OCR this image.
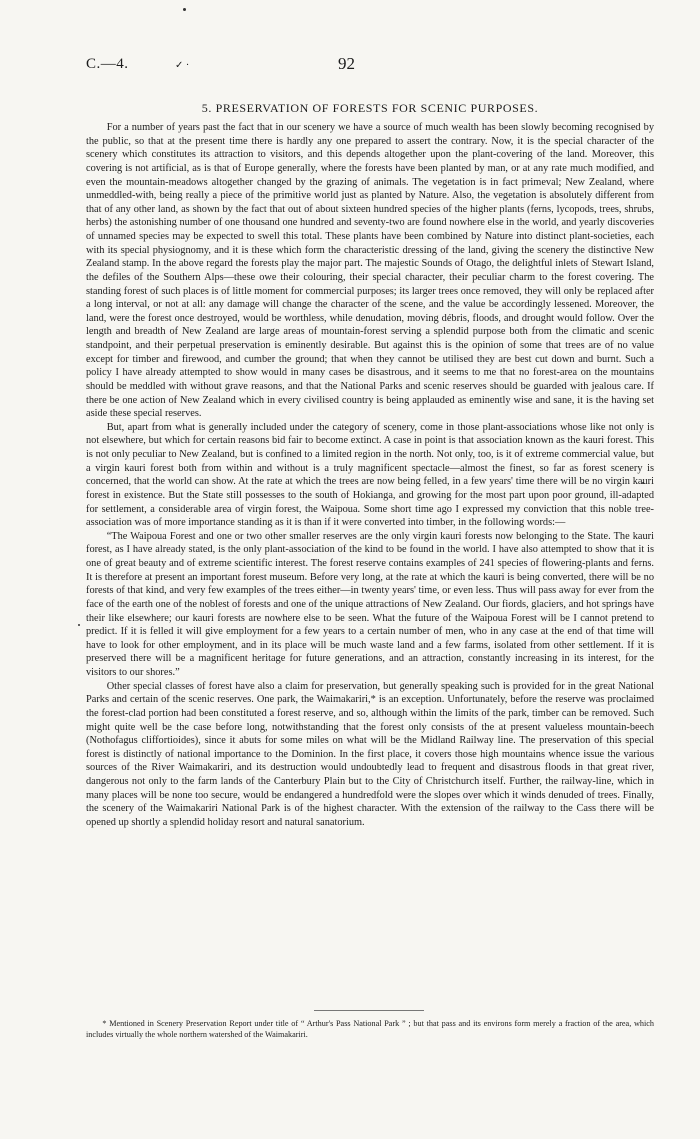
C.—4.	✓ ·	92
5. PRESERVATION OF FORESTS FOR SCENIC PURPOSES.

For a number of years past the fact that in our scenery we have a source of much wealth has been slowly becoming recognised by the public, so that at the present time there is hardly any one prepared to assert the contrary. Now, it is the special character of the scenery which constitutes its attraction to visitors, and this depends altogether upon the plant-covering of the land. Moreover, this covering is not artificial, as is that of Europe generally, where the forests have been planted by man, or at any rate much modified, and even the mountain-meadows altogether changed by the grazing of animals. The vegetation is in fact primeval; New Zealand, where unmeddled-with, being really a piece of the primitive world just as planted by Nature. Also, the vegetation is absolutely different from that of any other land, as shown by the fact that out of about sixteen hundred species of the higher plants (ferns, lycopods, trees, shrubs, herbs) the astonishing number of one thousand one hundred and seventy-two are found nowhere else in the world, and yearly discoveries of unnamed species may be expected to swell this total. These plants have been combined by Nature into distinct plant-societies, each with its special physiognomy, and it is these which form the characteristic dressing of the land, giving the scenery the distinctive New Zealand stamp. In the above regard the forests play the major part. The majestic Sounds of Otago, the delightful inlets of Stewart Island, the defiles of the Southern Alps—these owe their colouring, their special character, their peculiar charm to the forest covering. The standing forest of such places is of little moment for commercial purposes; its larger trees once removed, they will only be replaced after a long interval, or not at all: any damage will change the character of the scene, and the value be accordingly lessened. Moreover, the land, were the forest once destroyed, would be worthless, while denudation, moving débris, floods, and drought would follow. Over the length and breadth of New Zealand are large areas of mountain-forest serving a splendid purpose both from the climatic and scenic standpoint, and their perpetual preservation is eminently desirable. But against this is the opinion of some that trees are of no value except for timber and firewood, and cumber the ground; that when they cannot be utilised they are best cut down and burnt. Such a policy I have already attempted to show would in many cases be disastrous, and it seems to me that no forest-area on the mountains should be meddled with without grave reasons, and that the National Parks and scenic reserves should be guarded with jealous care. If there be one action of New Zealand which in every civilised country is being applauded as eminently wise and sane, it is the having set aside these special reserves.

But, apart from what is generally included under the category of scenery, come in those plant-associations whose like not only is not elsewhere, but which for certain reasons bid fair to become extinct. A case in point is that association known as the kauri forest. This is not only peculiar to New Zealand, but is confined to a limited region in the north. Not only, too, is it of extreme commercial value, but a virgin kauri forest both from within and without is a truly magnificent spectacle—almost the finest, so far as forest scenery is concerned, that the world can show. At the rate at which the trees are now being felled, in a few years' time there will be no virgin kauri forest in existence. But the State still possesses to the south of Hokianga, and growing for the most part upon poor ground, ill-adapted for settlement, a considerable area of virgin forest, the Waipoua. Some short time ago I expressed my conviction that this noble tree-association was of more importance standing as it is than if it were converted into timber, in the following words:—

“The Waipoua Forest and one or two other smaller reserves are the only virgin kauri forests now belonging to the State. The kauri forest, as I have already stated, is the only plant-association of the kind to be found in the world. I have also attempted to show that it is one of great beauty and of extreme scientific interest. The forest reserve contains examples of 241 species of flowering-plants and ferns. It is therefore at present an important forest museum. Before very long, at the rate at which the kauri is being converted, there will be no forests of that kind, and very few examples of the trees either—in twenty years' time, or even less. Thus will pass away for ever from the face of the earth one of the noblest of forests and one of the unique attractions of New Zealand. Our fiords, glaciers, and hot springs have their like elsewhere; our kauri forests are nowhere else to be seen. What the future of the Waipoua Forest will be I cannot pretend to predict. If it is felled it will give employment for a few years to a certain number of men, who in any case at the end of that time will have to look for other employment, and in its place will be much waste land and a few farms, isolated from other settlement. If it is preserved there will be a magnificent heritage for future generations, and an attraction, constantly increasing in its interest, for the visitors to our shores.”

Other special classes of forest have also a claim for preservation, but generally speaking such is provided for in the great National Parks and certain of the scenic reserves. One park, the Waimakariri,* is an exception. Unfortunately, before the reserve was proclaimed the forest-clad portion had been constituted a forest reserve, and so, although within the limits of the park, timber can be removed. Such might quite well be the case before long, notwithstanding that the forest only consists of the at present valueless mountain-beech (Nothofagus cliffortioides), since it abuts for some miles on what will be the Midland Railway line. The preservation of this special forest is distinctly of national importance to the Dominion. In the first place, it covers those high mountains whence issue the various sources of the River Waimakariri, and its destruction would undoubtedly lead to frequent and disastrous floods in that great river, dangerous not only to the farm lands of the Canterbury Plain but to the City of Christchurch itself. Further, the railway-line, which in many places will be none too secure, would be endangered a hundredfold were the slopes over which it winds denuded of trees. Finally, the scenery of the Waimakariri National Park is of the highest character. With the extension of the railway to the Cass there will be opened up shortly a splendid holiday resort and natural sanatorium.

* Mentioned in Scenery Preservation Report under title of “ Arthur's Pass National Park ” ; but that pass and its environs form merely a fraction of the area, which includes virtually the whole northern watershed of the Waimakariri.
